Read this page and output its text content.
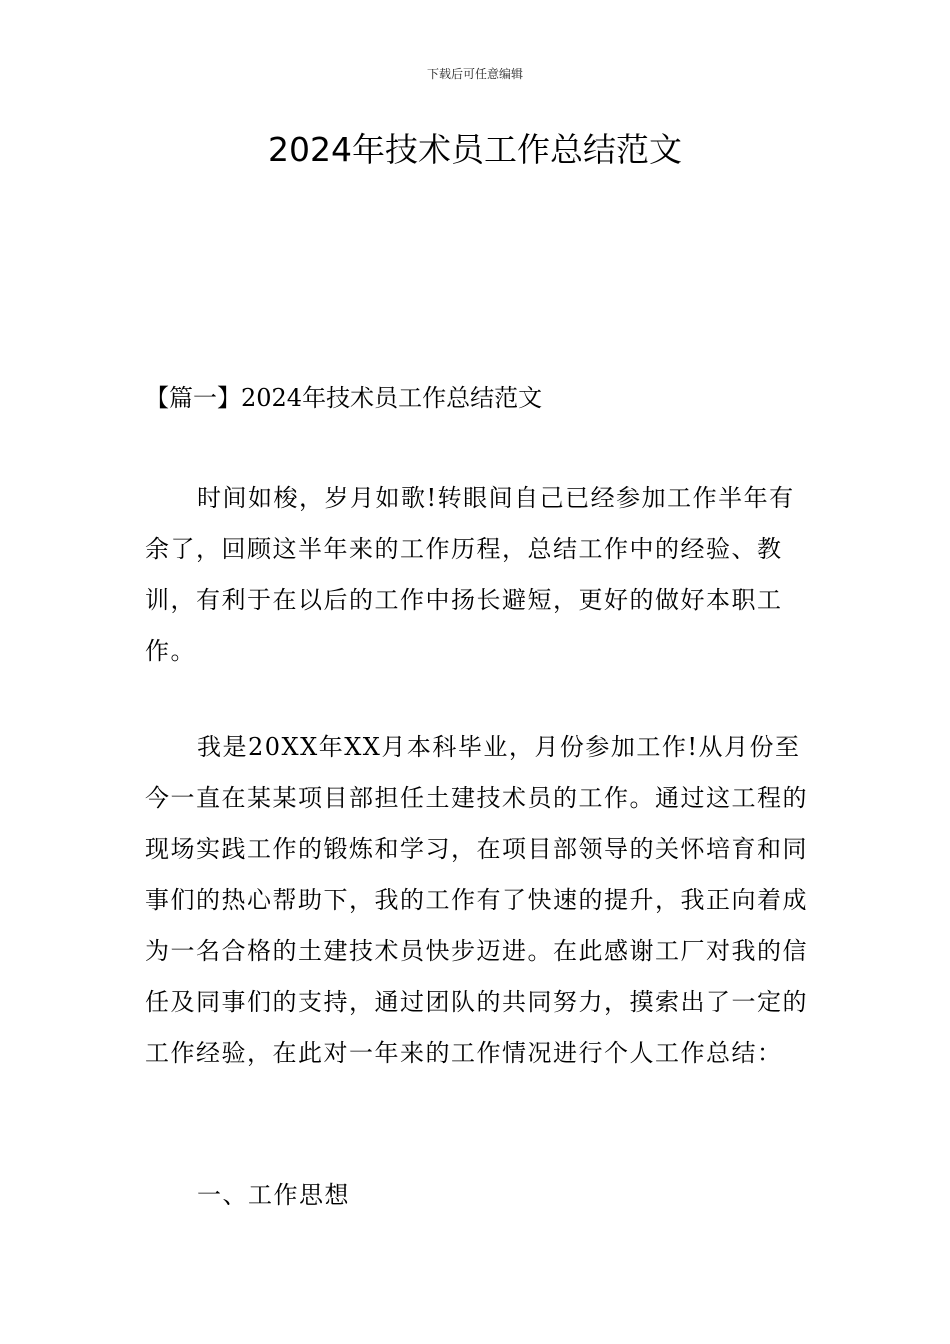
下载后可任意编辑
2024年技术员工作总结范文
【篇一】2024年技术员工作总结范文

时间如梭，岁月如歌!转眼间自己已经参加工作半年有余了，回顾这半年来的工作历程，总结工作中的经验、教训，有利于在以后的工作中扬长避短，更好的做好本职工作。

我是20XX年XX月本科毕业，月份参加工作!从月份至今一直在某某项目部担任土建技术员的工作。通过这工程的现场实践工作的锻炼和学习，在项目部领导的关怀培育和同事们的热心帮助下，我的工作有了快速的提升，我正向着成为一名合格的土建技术员快步迈进。在此感谢工厂对我的信任及同事们的支持，通过团队的共同努力，摸索出了一定的工作经验，在此对一年来的工作情况进行个人工作总结：

一、工作思想
